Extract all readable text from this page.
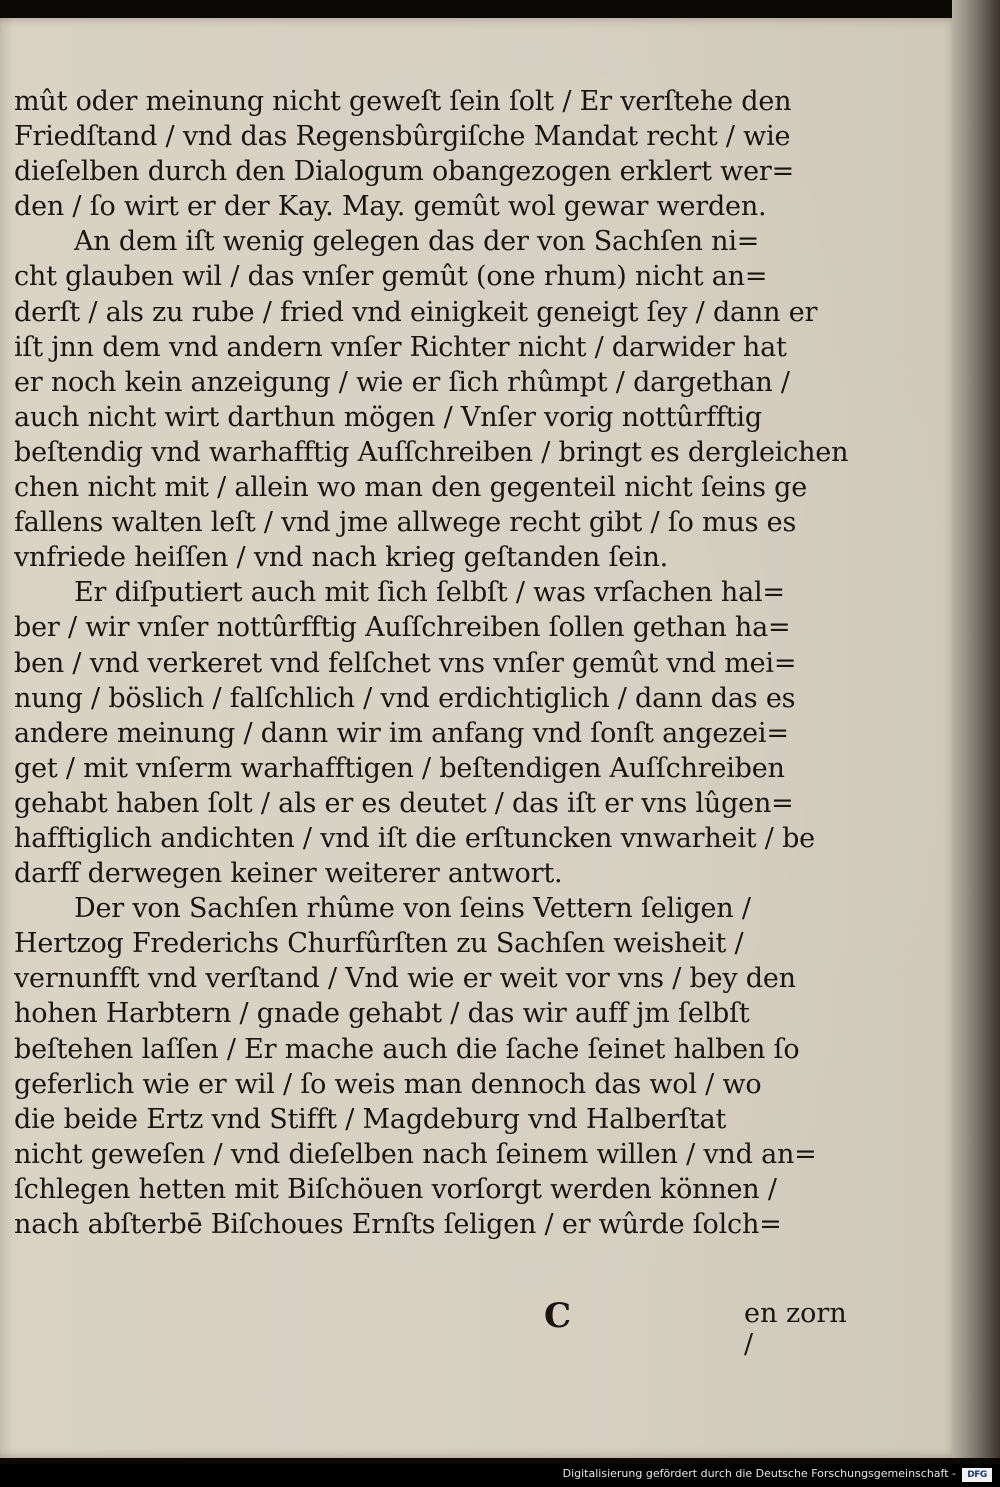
mût oder meinung nicht geweſt ſein ſolt / Er verſtehe den
Friedſtand / vnd das Regensbûrgiſche Mandat recht / wie
dieſelben durch den Dialogum obangezogen erklert wer=
den / ſo wirt er der Kay. May. gemût wol gewar werden.
An dem iſt wenig gelegen das der von Sachſen ni=
cht glauben wil / das vnſer gemût (one rhum) nicht an=
derſt / als zu rube / fried vnd einigkeit geneigt ſey / dann er
iſt jnn dem vnd andern vnſer Richter nicht / darwider hat
er noch kein anzeigung / wie er ſich rhûmpt / dargethan /
auch nicht wirt darthun mögen / Vnſer vorig nottûrfftig
beſtendig vnd warhafftig Auſſchreiben / bringt es dergleichen
chen nicht mit / allein wo man den gegenteil nicht ſeins ge
fallens walten leſt / vnd jme allwege recht gibt / ſo mus es
vnfriede heiſſen / vnd nach krieg geſtanden ſein.
Er diſputiert auch mit ſich ſelbſt / was vrſachen hal=
ber / wir vnſer nottûrfftig Auſſchreiben ſollen gethan ha=
ben / vnd verkeret vnd felſchet vns vnſer gemût vnd mei=
nung / böslich / falſchlich / vnd erdichtiglich / dann das es
andere meinung / dann wir im anfang vnd ſonſt angezei=
get / mit vnſerm warhafftigen / beſtendigen Auſſchreiben
gehabt haben ſolt / als er es deutet / das iſt er vns lûgen=
hafftiglich andichten / vnd iſt die erſtuncken vnwarheit / be
darff derwegen keiner weiterer antwort.
Der von Sachſen rhûme von ſeins Vettern ſeligen /
Hertzog Frederichs Churfûrſten zu Sachſen weisheit /
vernunfft vnd verſtand / Vnd wie er weit vor vns / bey den
hohen Harbtern / gnade gehabt / das wir auff jm ſelbſt
beſtehen laſſen / Er mache auch die ſache ſeinet halben ſo
geferlich wie er wil / ſo weis man dennoch das wol / wo
die beide Ertz vnd Stifft / Magdeburg vnd Halberſtat
nicht geweſen / vnd dieſelben nach ſeinem willen / vnd an=
ſchlegen hetten mit Biſchöuen vorſorgt werden können /
nach abſterbē Biſchoues Ernſts ſeligen / er wûrde ſolch=
C	en zorn /
Digitalisierung gefördert durch die Deutsche Forschungsgemeinschaft -	DFG
